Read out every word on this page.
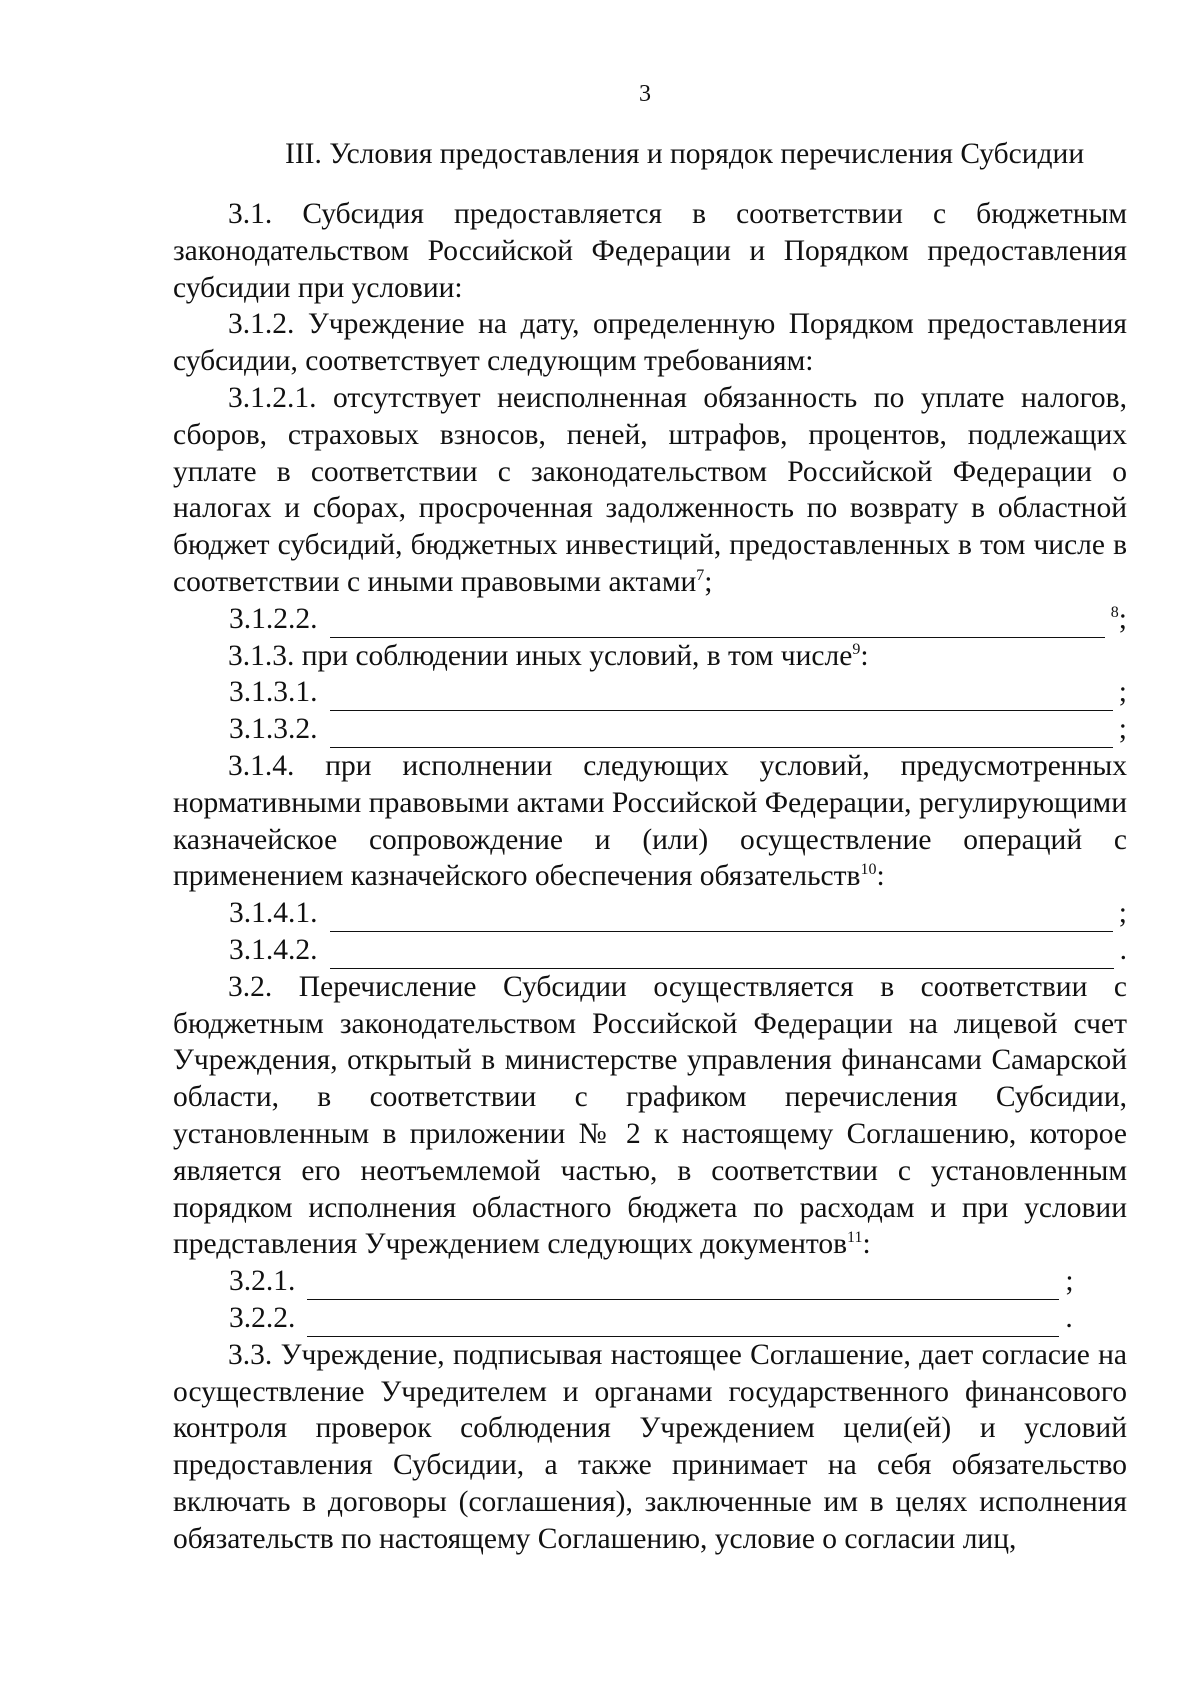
3
III. Условия предоставления и порядок перечисления Субсидии

3.1. Субсидия предоставляется в соответствии с бюджетным законодательством Российской Федерации и Порядком предоставления субсидии при условии:

3.1.2. Учреждение на дату, определенную Порядком предоставления субсидии, соответствует следующим требованиям:

3.1.2.1. отсутствует неисполненная обязанность по уплате налогов, сборов, страховых взносов, пеней, штрафов, процентов, подлежащих уплате в соответствии с законодательством Российской Федерации о налогах и сборах, просроченная задолженность по возврату в областной бюджет субсидий, бюджетных инвестиций, предоставленных в том числе в соответствии с иными правовыми актами$^7$;

3.1.2.2.	$^8$;

3.1.3. при соблюдении иных условий, в том числе$^9$:

3.1.3.1.	;

3.1.3.2.	;

3.1.4. при исполнении следующих условий, предусмотренных нормативными правовыми актами Российской Федерации, регулирующими казначейское сопровождение и (или) осуществление операций с применением казначейского обеспечения обязательств$^{10}$:

3.1.4.1.	;

3.1.4.2.	.

3.2. Перечисление Субсидии осуществляется в соответствии с бюджетным законодательством Российской Федерации на лицевой счет Учреждения, открытый в министерстве управления финансами Самарской области, в соответствии с графиком перечисления Субсидии, установленным в приложении № 2 к настоящему Соглашению, которое является его неотъемлемой частью, в соответствии с установленным порядком исполнения областного бюджета по расходам и при условии представления Учреждением следующих документов$^{11}$:

3.2.1.	;

3.2.2.	.

3.3. Учреждение, подписывая настоящее Соглашение, дает согласие на осуществление Учредителем и органами государственного финансового контроля проверок соблюдения Учреждением цели(ей) и условий предоставления Субсидии, а также принимает на себя обязательство включать в договоры (соглашения), заключенные им в целях исполнения обязательств по настоящему Соглашению, условие о согласии лиц,
